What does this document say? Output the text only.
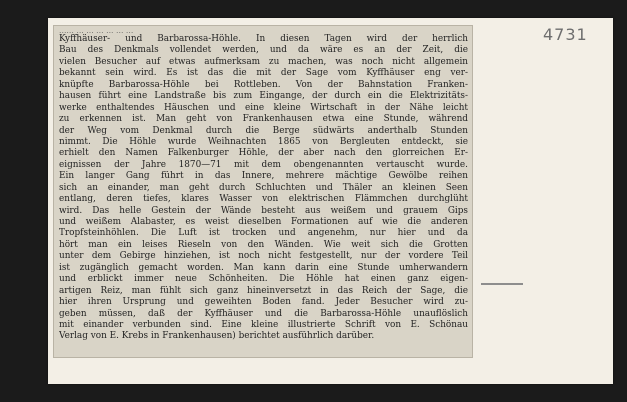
4731
...... ... ... ... ... ... ...
Kyffhäuser- und Barbarossa-Höhle. In diesen Tagen wird der herrlich
Bau des Denkmals vollendet werden, und da wäre es an der Zeit, die
vielen Besucher auf etwas aufmerksam zu machen, was noch nicht allgemein
bekannt sein wird. Es ist das die mit der Sage vom Kyffhäuser eng ver-
knüpfte Barbarossa-Höhle bei Rottleben. Von der Bahnstation Franken-
hausen führt eine Landstraße bis zum Eingange, der durch ein die Elektrizitäts-
werke enthaltendes Häuschen und eine kleine Wirtschaft in der Nähe leicht
zu erkennen ist. Man geht von Frankenhausen etwa eine Stunde, während
der Weg vom Denkmal durch die Berge südwärts anderthalb Stunden
nimmt. Die Höhle wurde Weihnachten 1865 von Bergleuten entdeckt, sie
erhielt den Namen Falkenburger Höhle, der aber nach den glorreichen Er-
eignissen der Jahre 1870—71 mit dem obengenannten vertauscht wurde.
Ein langer Gang führt in das Innere, mehrere mächtige Gewölbe reihen
sich an einander, man geht durch Schluchten und Thäler an kleinen Seen
entlang, deren tiefes, klares Wasser von elektrischen Flämmchen durchglüht
wird. Das helle Gestein der Wände besteht aus weißem und grauem Gips
und weißem Alabaster, es weist dieselben Formationen auf wie die anderen
Tropfsteinhöhlen. Die Luft ist trocken und angenehm, nur hier und da
hört man ein leises Rieseln von den Wänden. Wie weit sich die Grotten
unter dem Gebirge hinziehen, ist noch nicht festgestellt, nur der vordere Teil
ist zugänglich gemacht worden. Man kann darin eine Stunde umherwandern
und erblickt immer neue Schönheiten. Die Höhle hat einen ganz eigen-
artigen Reiz, man fühlt sich ganz hineinversetzt in das Reich der Sage, die
hier ihren Ursprung und geweihten Boden fand. Jeder Besucher wird zu-
geben müssen, daß der Kyffhäuser und die Barbarossa-Höhle unauflöslich
mit einander verbunden sind. Eine kleine illustrierte Schrift von E. Schönau
Verlag von E. Krebs in Frankenhausen) berichtet ausführlich darüber.
